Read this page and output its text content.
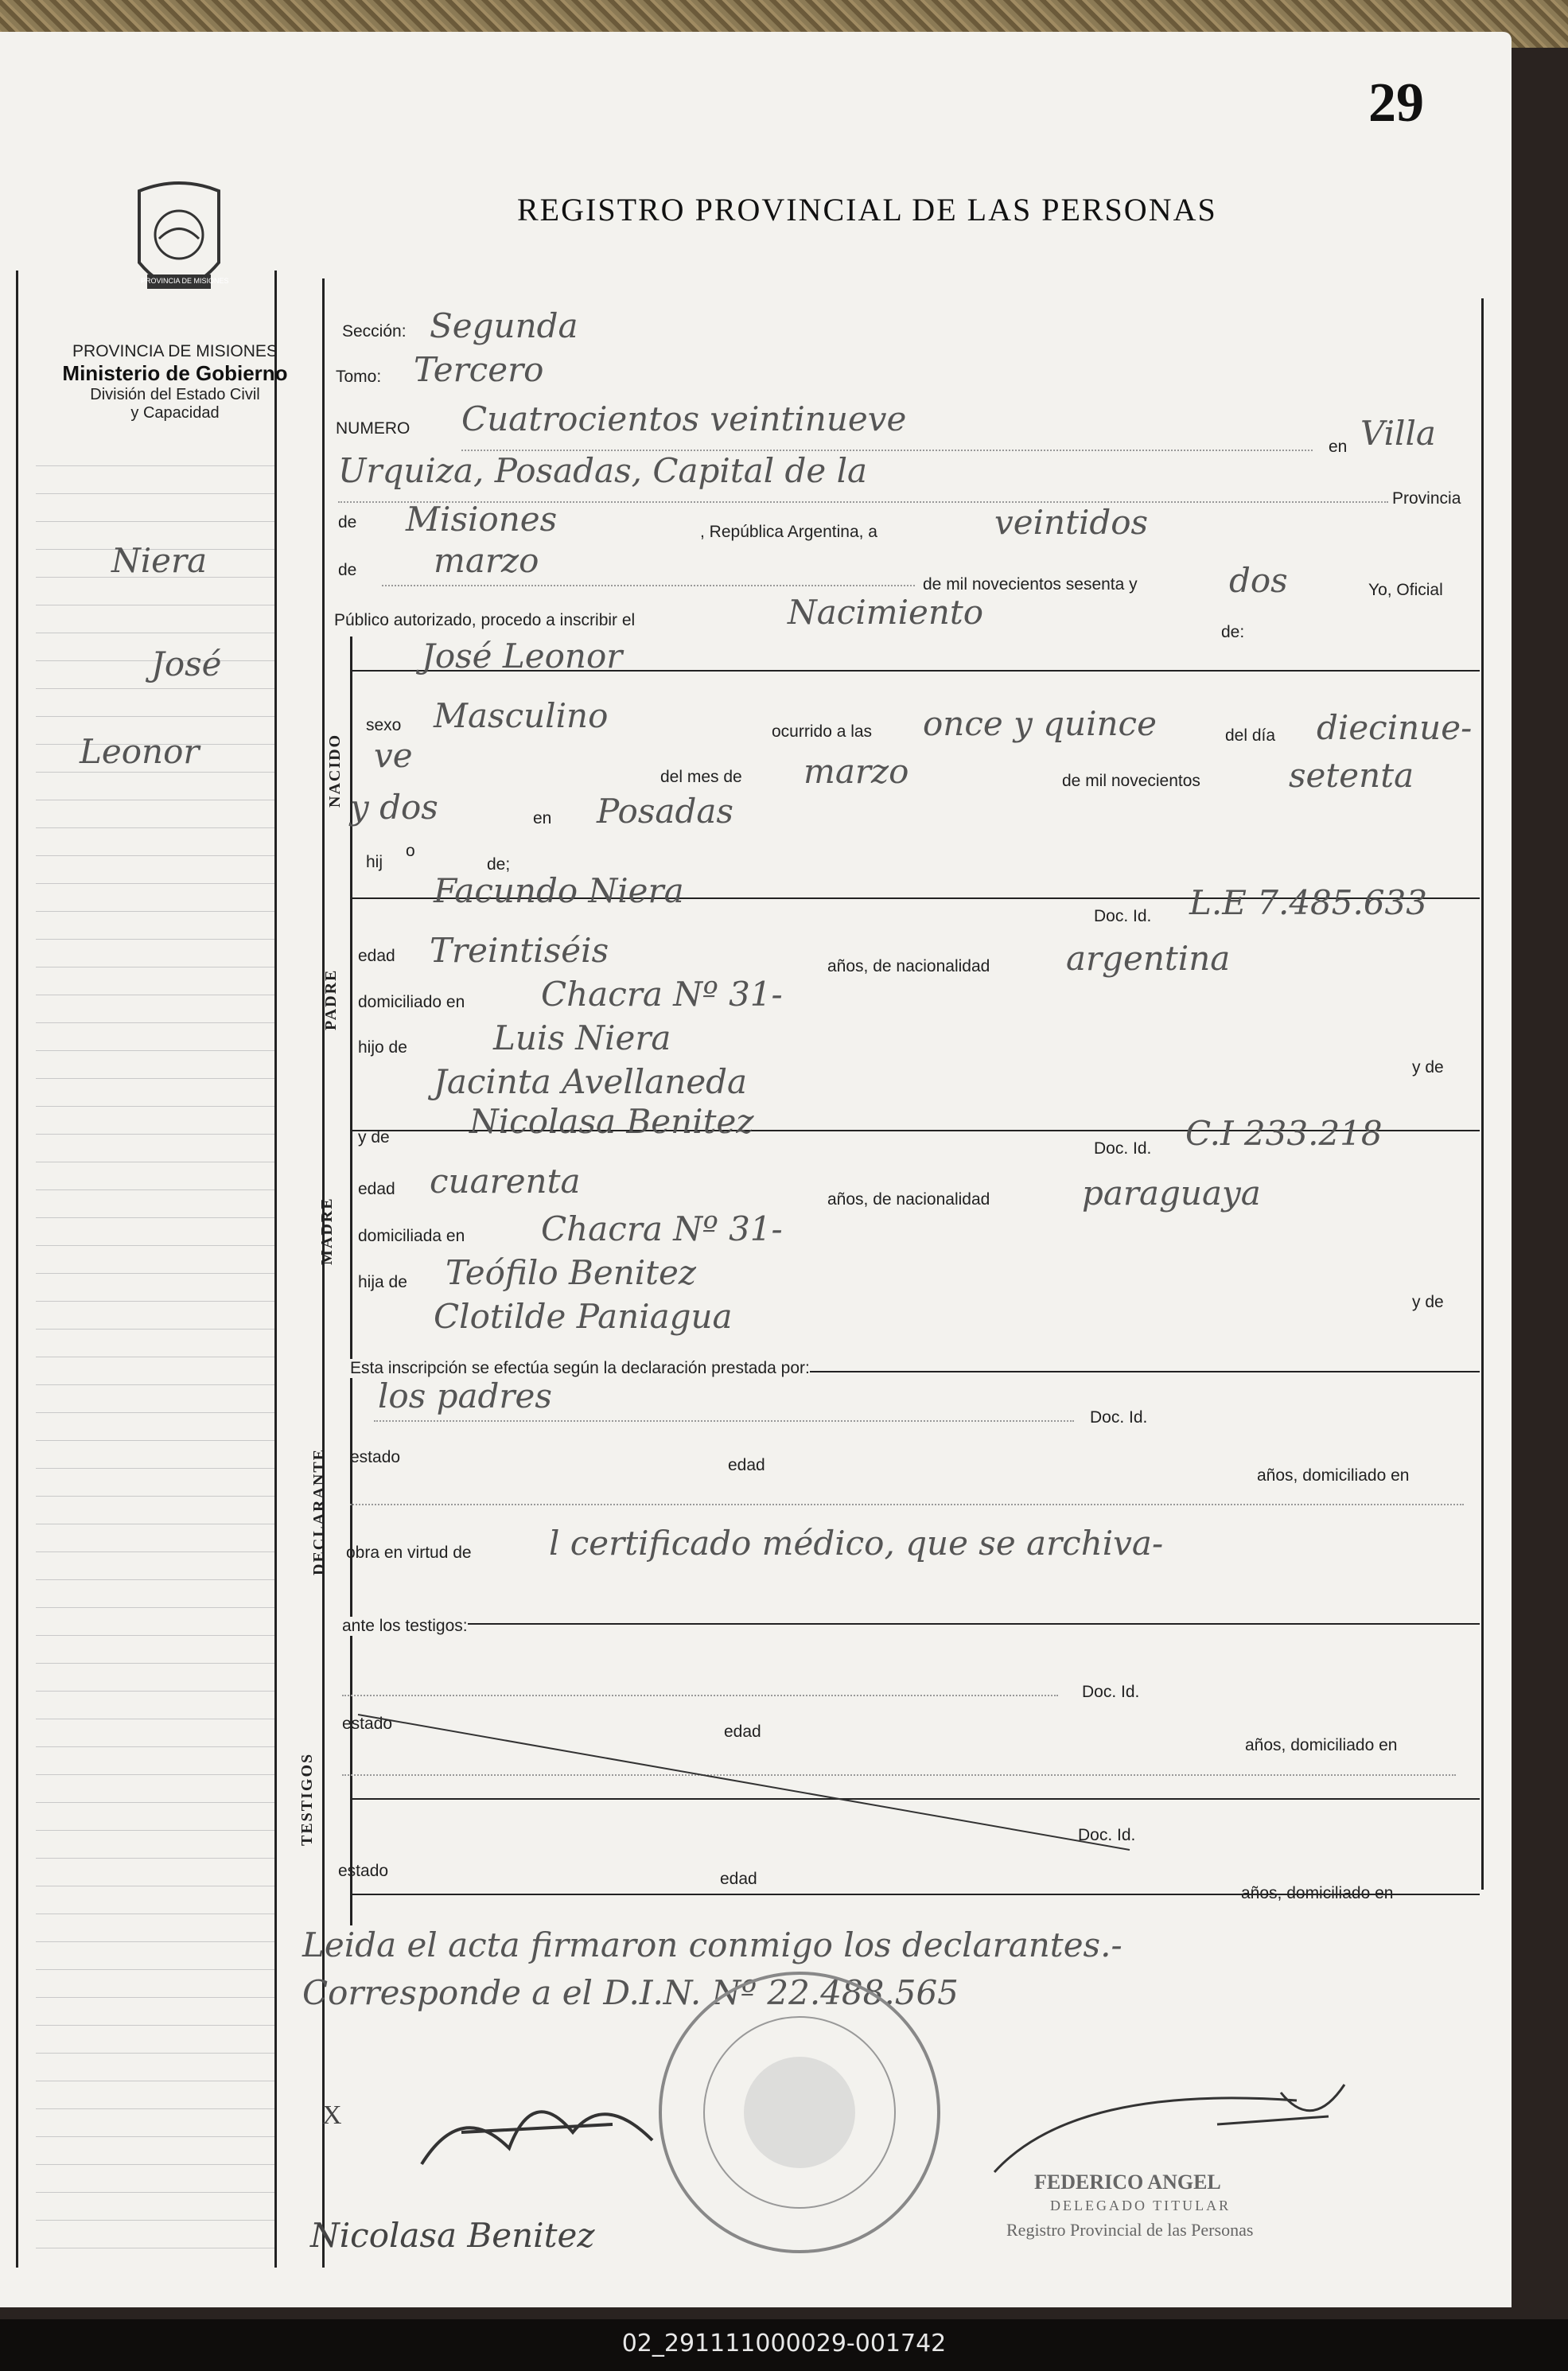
29
REGISTRO PROVINCIAL DE LAS PERSONAS
PROVINCIA DE MISIONES
PROVINCIA DE MISIONES
Ministerio de Gobierno
División del Estado Civil
y Capacidad
Niera
José
Leonor
Sección: Segunda
Tomo: Tercero
NUMERO Cuatrocientos veintinueve
en Villa
Urquiza, Posadas, Capital de la
Provincia
de Misiones	, República Argentina, a	veintidos
de marzo
de mil novecientos sesenta y	dos	Yo, Oficial
Público autorizado, procedo a inscribir el	Nacimiento
de:
José Leonor
NACIDO
sexo Masculino	ocurrido a las once y quince	del día diecinue-
ve
del mes de marzo	de mil novecientos	setenta
y dos	en Posadas
hij
o
de;
PADRE
Facundo Niera
Doc. Id. L.E 7.485.633
edad Treintiséis	años, de nacionalidad argentina
domiciliado en Chacra Nº 31-
hijo de	Luis Niera
Jacinta Avellaneda	y de
y de Nicolasa Benitez
Doc. Id. C.I 233.218
MADRE
edad cuarenta	años, de nacionalidad	paraguaya
domiciliada en Chacra Nº 31-
hija de Teófilo Benitez
Clotilde Paniagua	y de
Esta inscripción se efectúa según la declaración prestada por:
los padres
Doc. Id.
DECLARANTE estado	edad
años, domiciliado en
obra en virtud de l certificado médico, que se archiva-
ante los testigos:
TESTIGOS
Doc. Id.
estado	edad
años, domiciliado en
Doc. Id.
estado	edad
años, domiciliado en
Leida el acta firmaron conmigo los declarantes.-
Corresponde a el D.I.N. Nº 22.488.565
X
Nicolasa Benitez
FEDERICO ANGEL
DELEGADO TITULAR
Registro Provincial de las Personas
02_291111000029-001742
